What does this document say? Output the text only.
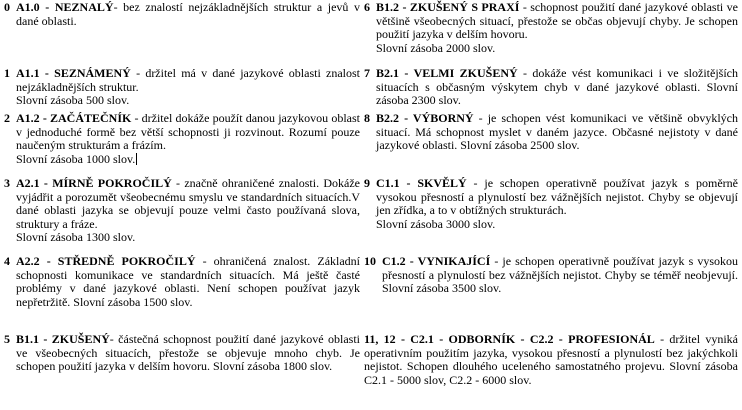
0 A1.0 - NEZNALÝ- bez znalostí nejzákladnějších struktur a jevů v dané oblasti.
1 A1.1 - SEZNÁMENÝ - držitel má v dané jazykové oblasti znalost nejzákladnějších struktur.
Slovní zásoba 500 slov.
2 A1.2 - ZAČÁTEČNÍK - držitel dokáže použít danou jazykovou oblast v jednoduché formě bez větší schopnosti ji rozvinout. Rozumí pouze naučeným strukturám a frázím.
Slovní zásoba 1000 slov.
3 A2.1 - MÍRNĚ POKROČILÝ - značně ohraničené znalosti. Dokáže vyjádřit a porozumět všeobecnému smyslu ve standardních situacích.V dané oblasti jazyka se objevují pouze velmi často používaná slova, struktury a fráze.
Slovní zásoba 1300 slov.
4 A2.2 - STŘEDNĚ POKROČILÝ - ohraničená znalost. Základní schopnosti komunikace ve standardních situacích. Má ještě časté problémy v dané jazykové oblasti. Není schopen používat jazyk nepřetržitě. Slovní zásoba 1500 slov.
5 B1.1 - ZKUŠENÝ- částečná schopnost použití dané jazykové oblasti ve všeobecných situacích, přestože se objevuje mnoho chyb. Je schopen použití jazyka v delším hovoru. Slovní zásoba 1800 slov.
6 B1.2 - ZKUŠENÝ S PRAXÍ - schopnost použití dané jazykové oblasti ve většině všeobecných situací, přestože se občas objevují chyby. Je schopen použití jazyka v delším hovoru.
Slovní zásoba 2000 slov.
7 B2.1 - VELMI ZKUŠENÝ - dokáže vést komunikaci i ve složitějších situacích s občasným výskytem chyb v dané jazykové oblasti. Slovní zásoba 2300 slov.
8 B2.2 - VÝBORNÝ - je schopen vést komunikaci ve většině obvyklých situací. Má schopnost myslet v daném jazyce. Občasné nejistoty v dané jazykové oblasti. Slovní zásoba 2500 slov.
9 C1.1 - SKVĚLÝ - je schopen operativně používat jazyk s poměrně vysokou přesností a plynulostí bez vážnějších nejistot. Chyby se objevují jen zřídka, a to v obtížných strukturách.
Slovní zásoba 3000 slov.
10 C1.2 - VYNIKAJÍCÍ - je schopen operativně používat jazyk s vysokou přesností a plynulostí bez vážnějších nejistot. Chyby se téměř neobjevují. Slovní zásoba 3500 slov.
11, 12 - C2.1 - ODBORNÍK - C2.2 - PROFESIONÁL - držitel vyniká operativním použitím jazyka, vysokou přesností a plynulostí bez jakýchkoli nejistot. Schopen dlouhého uceleného samostatného projevu. Slovní zásoba C2.1 - 5000 slov, C2.2 - 6000 slov.
